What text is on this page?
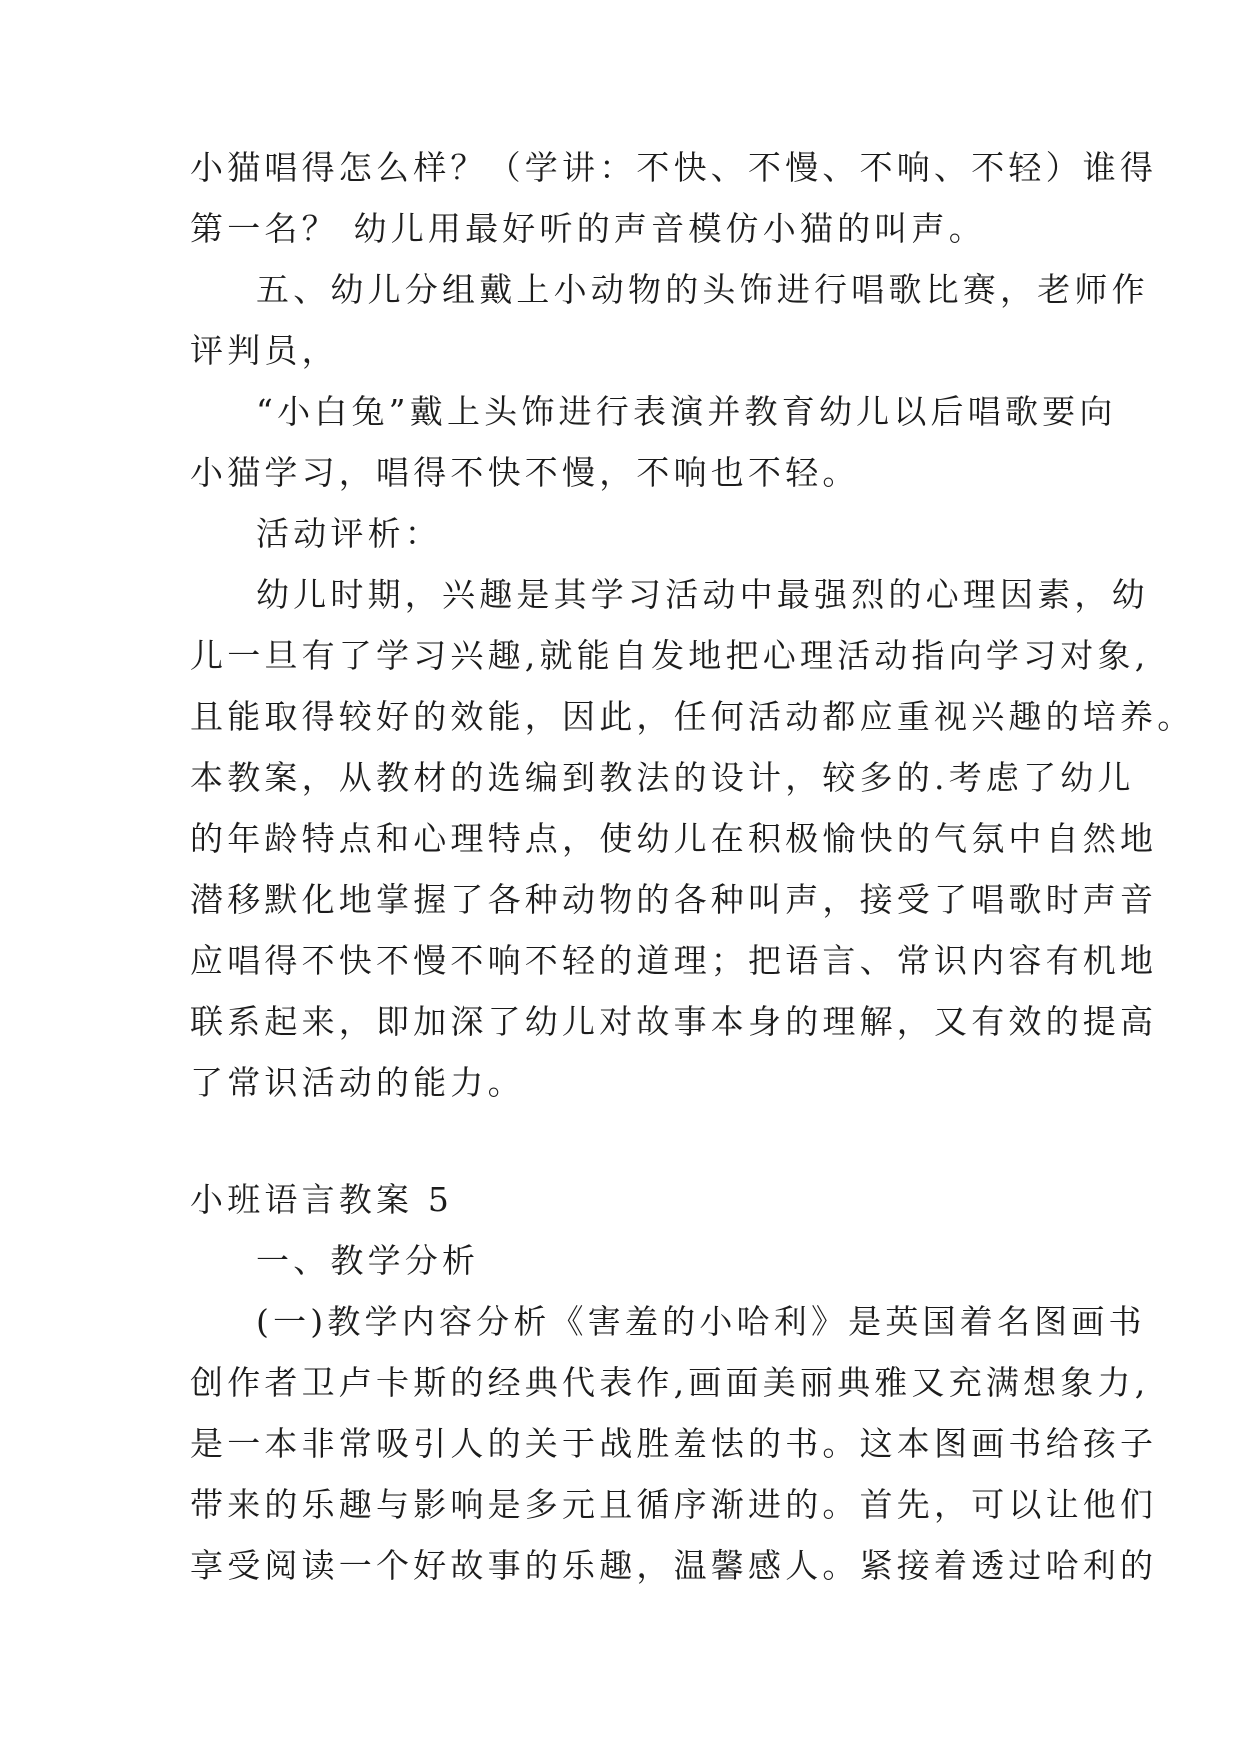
小猫唱得怎么样？（学讲：不快、不慢、不响、不轻）谁得
第一名？ 幼儿用最好听的声音模仿小猫的叫声。
五、幼儿分组戴上小动物的头饰进行唱歌比赛，老师作
评判员，
“小白兔”戴上头饰进行表演并教育幼儿以后唱歌要向
小猫学习，唱得不快不慢，不响也不轻。
活动评析：
幼儿时期，兴趣是其学习活动中最强烈的心理因素，幼
儿一旦有了学习兴趣,就能自发地把心理活动指向学习对象,
且能取得较好的效能，因此，任何活动都应重视兴趣的培养。
本教案，从教材的选编到教法的设计，较多的.考虑了幼儿
的年龄特点和心理特点，使幼儿在积极愉快的气氛中自然地
潜移默化地掌握了各种动物的各种叫声，接受了唱歌时声音
应唱得不快不慢不响不轻的道理；把语言、常识内容有机地
联系起来，即加深了幼儿对故事本身的理解，又有效的提高
了常识活动的能力。
小班语言教案 5
一、教学分析
(一)教学内容分析《害羞的小哈利》是英国着名图画书
创作者卫卢卡斯的经典代表作,画面美丽典雅又充满想象力,
是一本非常吸引人的关于战胜羞怯的书。这本图画书给孩子
带来的乐趣与影响是多元且循序渐进的。首先，可以让他们
享受阅读一个好故事的乐趣，温馨感人。紧接着透过哈利的
